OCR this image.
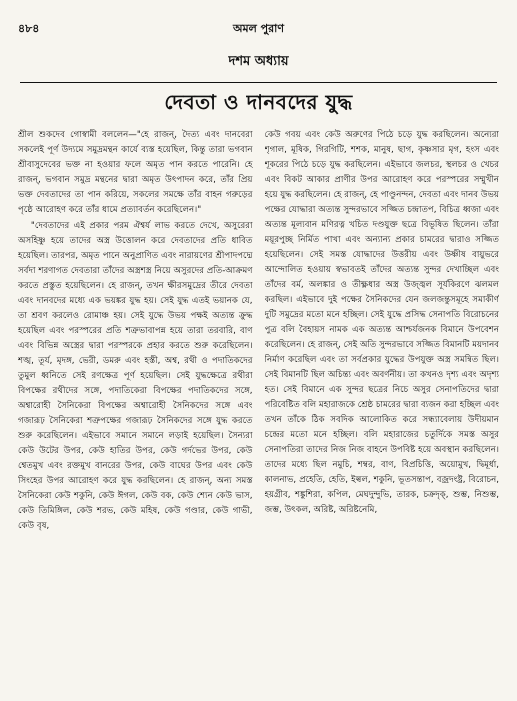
৪৮৪	অমল পুরাণ
দশম অধ্যায়
দেবতা ও দানবদের যুদ্ধ

শ্রীল শুকদেব গোস্বামী বললেন—"হে রাজন্, দৈত্য এবং দানবেরা সকলেই পূর্ণ উদ্যমে সমুদ্রমন্থন কার্যে ব্যস্ত হয়েছিল, কিন্তু তারা ভগবান শ্রীবাসুদেবের ভক্ত না হওয়ার ফলে অমৃত পান করতে পারেনি। হে রাজন্, ভগবান সমুদ্র মন্থনের দ্বারা অমৃত উৎপাদন করে, তাঁর প্রিয় ভক্ত দেবতাদের তা পান করিয়ে, সকলের সমক্ষে তাঁর বাহন গরুড়ের পৃষ্ঠে আরোহণ করে তাঁর ধামে প্রত্যাবর্তন করেছিলেন।"

"দেবতাদের এই প্রকার পরম ঐশ্বর্য লাভ করতে দেখে, অসুরেরা অসহিষ্ণু হয়ে তাদের অস্ত্র উত্তোলন করে দেবতাদের প্রতি ধাবিত হয়েছিল। তারপর, অমৃত পানে অনুপ্রাণিত এবং নারায়ণের শ্রীপাদপদ্মে সর্বদা শরণাগত দেবতারা তাঁদের অস্ত্রশস্ত্র নিয়ে অসুরদের প্রতি-আক্রমণ করতে প্রস্তুত হয়েছিলেন। হে রাজন্, তখন ক্ষীরসমুদ্রের তীরে দেবতা এবং দানবদের মধ্যে এক ভয়ঙ্কর যুদ্ধ হয়। সেই যুদ্ধ এতই ভয়ানক যে, তা শ্রবণ করলেও রোমাঞ্চ হয়। সেই যুদ্ধে উভয় পক্ষই অত্যন্ত ক্রুদ্ধ হয়েছিল এবং পরস্পরের প্রতি শত্রুভাবাপন্ন হয়ে তারা তরবারি, বাণ এবং বিভিন্ন অস্ত্রের দ্বারা পরস্পরকে প্রহার করতে শুরু করেছিলেন। শঙ্খ, তূর্য, মৃদঙ্গ, ভেরী, ডমরু এবং হস্তী, অশ্ব, রথী ও পদাতিকদের তুমুল ধ্বনিতে সেই রণক্ষেত্র পূর্ণ হয়েছিল। সেই যুদ্ধক্ষেত্রে রথীরা বিপক্ষের রথীদের সঙ্গে, পদাতিকেরা বিপক্ষের পদাতিকদের সঙ্গে, অশ্বারোহী সৈনিকেরা বিপক্ষের অশ্বারোহী সৈনিকদের সঙ্গে এবং গজারূঢ় সৈনিকেরা শত্রুপক্ষের গজারূঢ় সৈনিকদের সঙ্গে যুদ্ধ করতে শুরু করেছিলেন। এইভাবে সমানে সমানে লড়াই হয়েছিল। সৈন্যরা কেউ উটের উপর, কেউ হাতির উপর, কেউ গর্দভের উপর, কেউ শ্বেতমুখ এবং রক্তমুখ বানরের উপর, কেউ বাঘের উপর এবং কেউ সিংহের উপর আরোহণ করে যুদ্ধ করছিলেন। হে রাজন্, অন্য সমস্ত সৈনিকেরা কেউ শকুনি, কেউ ঈগল, কেউ বক, কেউ শ্যেন কেউ ভাস, কেউ তিমিঙ্গিল, কেউ শরভ, কেউ মহিষ, কেউ গণ্ডার, কেউ গাভী, কেউ বৃষ,

কেউ গবয় এবং কেউ অরুণের পিঠে চড়ে যুদ্ধ করছিলেন। অন্যেরা শৃগাল, মূষিক, গিরগিটি, শশক, মানুষ, ছাগ, কৃষ্ণসার মৃগ, হংস এবং শূকরের পিঠে চড়ে যুদ্ধ করছিলেন। এইভাবে জলচর, স্থলচর ও খেচর এবং বিকট আকার প্রাণীর উপর আরোহণ করে পরস্পরের সম্মুখীন হয়ে যুদ্ধ করছিলেন। হে রাজন্, হে পাণ্ডুনন্দন, দেবতা এবং দানব উভয় পক্ষের যোদ্ধারা অত্যন্ত সুন্দরভাবে সজ্জিত চন্দ্রাতপ, বিচিত্র ধ্বজা এবং অত্যন্ত মূল্যবান মণিরত্ন খচিত দণ্ডযুক্ত ছত্রে বিভূষিত ছিলেন। তাঁরা ময়ূরপুচ্ছ নির্মিত পাখা এবং অন্যান্য প্রকার চামরের দ্বারাও সজ্জিত হয়েছিলেন। সেই সমস্ত যোদ্ধাদের উত্তরীয় এবং উষ্ণীষ বায়ুভরে আন্দোলিত হওয়ায় স্বভাবতই তাঁদের অত্যন্ত সুন্দর দেখাচ্ছিল এবং তাঁদের বর্ম, অলঙ্কার ও তীক্ষ্ণধার অস্ত্র উজ্জ্বল সূর্যকিরণে ঝলমল করছিল। এইভাবে দুই পক্ষের সৈনিকদের যেন জলজন্তুসমূহে সমাকীর্ণ দুটি সমুদ্রের মতো মনে হচ্ছিল। সেই যুদ্ধে প্রসিদ্ধ সেনাপতি বিরোচনের পুত্র বলি বৈহায়স নামক এক অত্যন্ত আশ্চর্যজনক বিমানে উপবেশন করেছিলেন। হে রাজন্, সেই অতি সুন্দরভাবে সজ্জিত বিমানটি ময়দানব নির্মাণ করেছিল এবং তা সর্বপ্রকার যুদ্ধের উপযুক্ত অস্ত্র সমন্বিত ছিল। সেই বিমানটি ছিল অচিন্ত্য এবং অবর্ণনীয়। তা কখনও দৃশ্য এবং অদৃশ্য হত। সেই বিমানে এক সুন্দর ছত্রের নিচে অসুর সেনাপতিদের দ্বারা পরিবেষ্টিত বলি মহারাজকে শ্রেষ্ঠ চামরের দ্বারা ব্যজন করা হচ্ছিল এবং তখন তাঁকে ঠিক সবদিক আলোকিত করে সন্ধ্যাবেলায় উদীয়মান চন্দ্রের মতো মনে হচ্ছিল। বলি মহারাজের চতুর্দিকে সমস্ত অসুর সেনাপতিরা তাদের নিজ নিজ বাহনে উপবিষ্ট হয়ে অবস্থান করছিলেন। তাদের মধ্যে ছিল নমুচি, শম্বর, বাণ, বিপ্রচিত্তি, অয়োমুখ, দ্বিমূর্ধা, কালনাভ, প্রহেতি, হেতি, ইল্বল, শকুনি, ভূতসন্তাপ, বজ্রদংষ্ট্র, বিরোচন, হয়গ্রীব, শঙ্কুশিরা, কপিল, মেঘদুন্দুভি, তারক, চক্রদৃক্, শুম্ভ, নিশুম্ভ, জম্ভ, উৎকল, অরিষ্ট, অরিষ্টনেমি,
